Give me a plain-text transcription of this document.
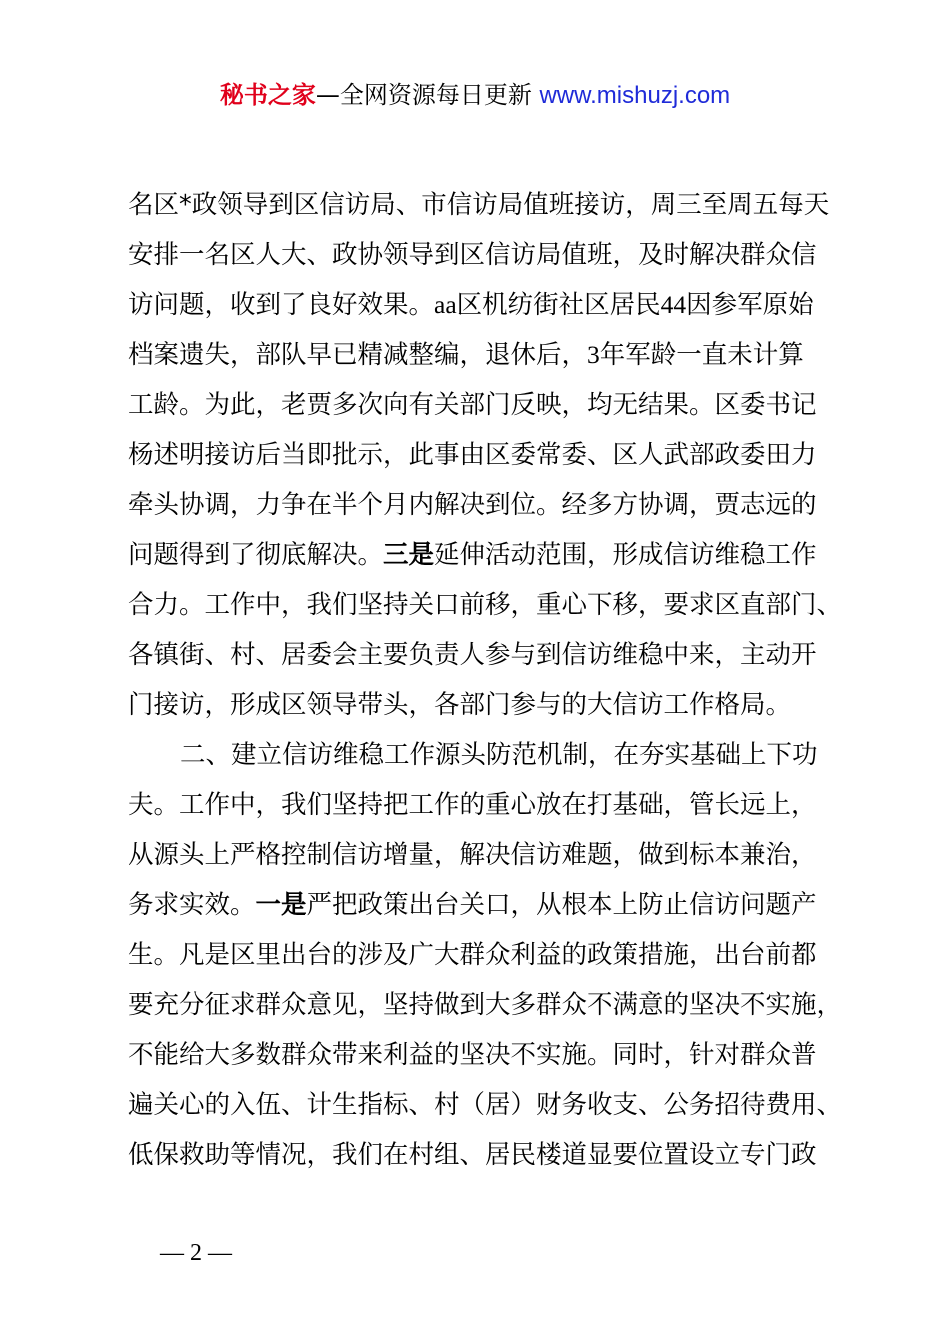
秘书之家—全网资源每日更新 www.mishuzj.com
名区*政领导到区信访局、市信访局值班接访，周三至周五每天
安排一名区人大、政协领导到区信访局值班，及时解决群众信
访问题，收到了良好效果。aa区机纺街社区居民44因参军原始
档案遗失，部队早已精减整编，退休后，3年军龄一直未计算
工龄。为此，老贾多次向有关部门反映，均无结果。区委书记
杨述明接访后当即批示，此事由区委常委、区人武部政委田力
牵头协调，力争在半个月内解决到位。经多方协调，贾志远的
问题得到了彻底解决。三是延伸活动范围，形成信访维稳工作
合力。工作中，我们坚持关口前移，重心下移，要求区直部门、
各镇街、村、居委会主要负责人参与到信访维稳中来，主动开
门接访，形成区领导带头，各部门参与的大信访工作格局。
二、建立信访维稳工作源头防范机制，在夯实基础上下功
夫。工作中，我们坚持把工作的重心放在打基础，管长远上，
从源头上严格控制信访增量，解决信访难题，做到标本兼治，
务求实效。一是严把政策出台关口，从根本上防止信访问题产
生。凡是区里出台的涉及广大群众利益的政策措施，出台前都
要充分征求群众意见，坚持做到大多群众不满意的坚决不实施，
不能给大多数群众带来利益的坚决不实施。同时，针对群众普
遍关心的入伍、计生指标、村（居）财务收支、公务招待费用、
低保救助等情况，我们在村组、居民楼道显要位置设立专门政
— 2 —
